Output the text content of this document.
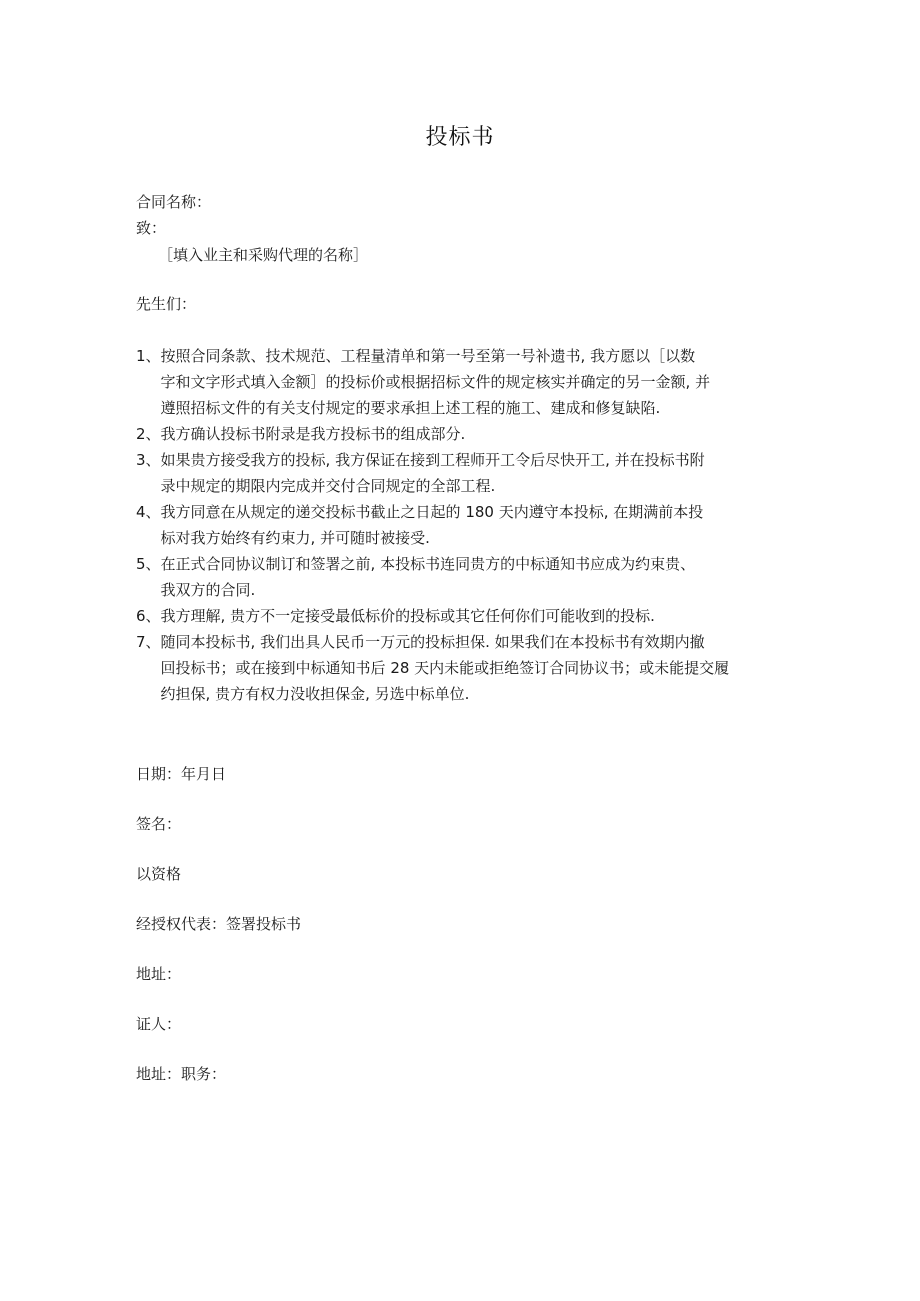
投标书
合同名称：
致：
［填入业主和采购代理的名称］
先生们：
1、 按照合同条款、技术规范、工程量清单和第一号至第一号补遗书, 我方愿以［以数
字和文字形式填入金额］的投标价或根据招标文件的规定核实并确定的另一金额, 并
遵照招标文件的有关支付规定的要求承担上述工程的施工、建成和修复缺陷.
2、 我方确认投标书附录是我方投标书的组成部分.
3、 如果贵方接受我方的投标, 我方保证在接到工程师开工令后尽快开工, 并在投标书附
录中规定的期限内完成并交付合同规定的全部工程.
4、 我方同意在从规定的递交投标书截止之日起的 180 天内遵守本投标, 在期满前本投
标对我方始终有约束力, 并可随时被接受.
5、 在正式合同协议制订和签署之前, 本投标书连同贵方的中标通知书应成为约束贵、
我双方的合同.
6、 我方理解, 贵方不一定接受最低标价的投标或其它任何你们可能收到的投标.
7、 随同本投标书, 我们出具人民币一万元的投标担保. 如果我们在本投标书有效期内撤
回投标书；或在接到中标通知书后 28 天内未能或拒绝签订合同协议书；或未能提交履
约担保, 贵方有权力没收担保金, 另选中标单位.
日期：年月日
签名：
以资格
经授权代表：签署投标书
地址：
证人：
地址：职务：
